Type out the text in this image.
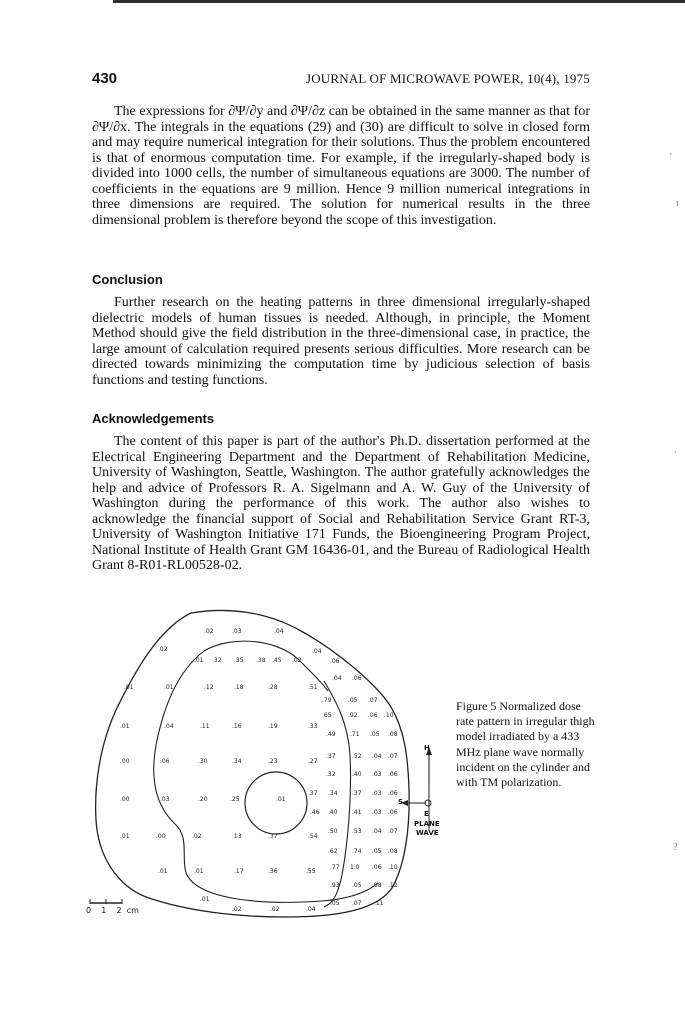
430	JOURNAL OF MICROWAVE POWER, 10(4), 1975

The expressions for ∂Ψ/∂y and ∂Ψ/∂z can be obtained in the same manner as that for ∂Ψ/∂x. The integrals in the equations (29) and (30) are difficult to solve in closed form and may require numerical integration for their solutions. Thus the problem encountered is that of enormous computation time. For example, if the irregularly-shaped body is divided into 1000 cells, the number of simultaneous equations are 3000. The number of coefficients in the equations are 9 million. Hence 9 million numerical integrations in three dimensions are required. The solution for numerical results in the three dimensional problem is therefore beyond the scope of this investigation.

Conclusion

Further research on the heating patterns in three dimensional irregularly-shaped dielectric models of human tissues is needed. Although, in principle, the Moment Method should give the field distribution in the three-dimensional case, in practice, the large amount of calculation required presents serious difficulties. More research can be directed towards minimizing the computation time by judicious selection of basis functions and testing functions.

Acknowledgements

The content of this paper is part of the author's Ph.D. dissertation performed at the Electrical Engineering Department and the Department of Rehabilitation Medicine, University of Washington, Seattle, Washington. The author gratefully acknowledges the help and advice of Professors R. A. Sigelmann and A. W. Guy of the University of Washington during the performance of this work. The author also wishes to acknowledge the financial support of Social and Rehabilitation Service Grant RT-3, University of Washington Initiative 171 Funds, the Bioengineering Program Project, National Institute of Health Grant GM 16436-01, and the Bureau of Radiological Health Grant 8-R01-RL00528-02.

.02	.03	.04
.02	.04
.01 .32 .35 .38 .45 .02	.06
.01	.01	.12	.18	.28	.51
.04 .06
.79	.05 .07
.01	.04	.11	.16	.19	.33
.65	.92 .06 .10
.49 .71 .05 .08
.00	.06	.30	.34	.23	.27
.37	.52 .04 .07
.32	.40 .03 .06
.00	.03	.20	.25	.01
.37 .34 .37 .03 .06
.46 .40 .41 .03 .06
.01	.00	.02	.13	.37	.54
.50 .53 .04 .07
.62 .74 .05 .08
.01	.01	.17	.36	.55
.77 1.0 .06 .10
.93 .05 .08 .12
.01
.05 .07 .11
.02	.02	.04
H
S
E
PLANE
WAVE
0 1 2 cm
Figure 5 Normalized dose rate pattern in irregular thigh model irradiated by a 433 MHz plane wave normally incident on the cylinder and with TM polarization.
'
ı
.
?
